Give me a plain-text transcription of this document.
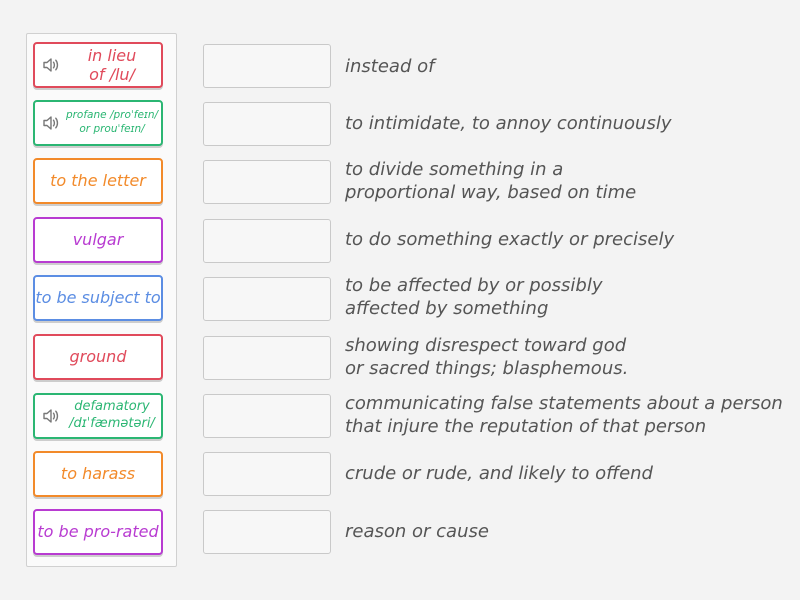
in lieu
of /lu/
profane /proˈfeɪn/
or prouˈfeɪn/
to the letter
vulgar
to be subject to
ground
defamatory
/dɪˈfæmətəri/
to harass
to be pro-rated
instead of
to intimidate, to annoy continuously
to divide something in a
proportional way, based on time
to do something exactly or precisely
to be affected by or possibly
affected by something
showing disrespect toward god
or sacred things; blasphemous.
communicating false statements about a person
that injure the reputation of that person
crude or rude, and likely to offend
reason or cause
